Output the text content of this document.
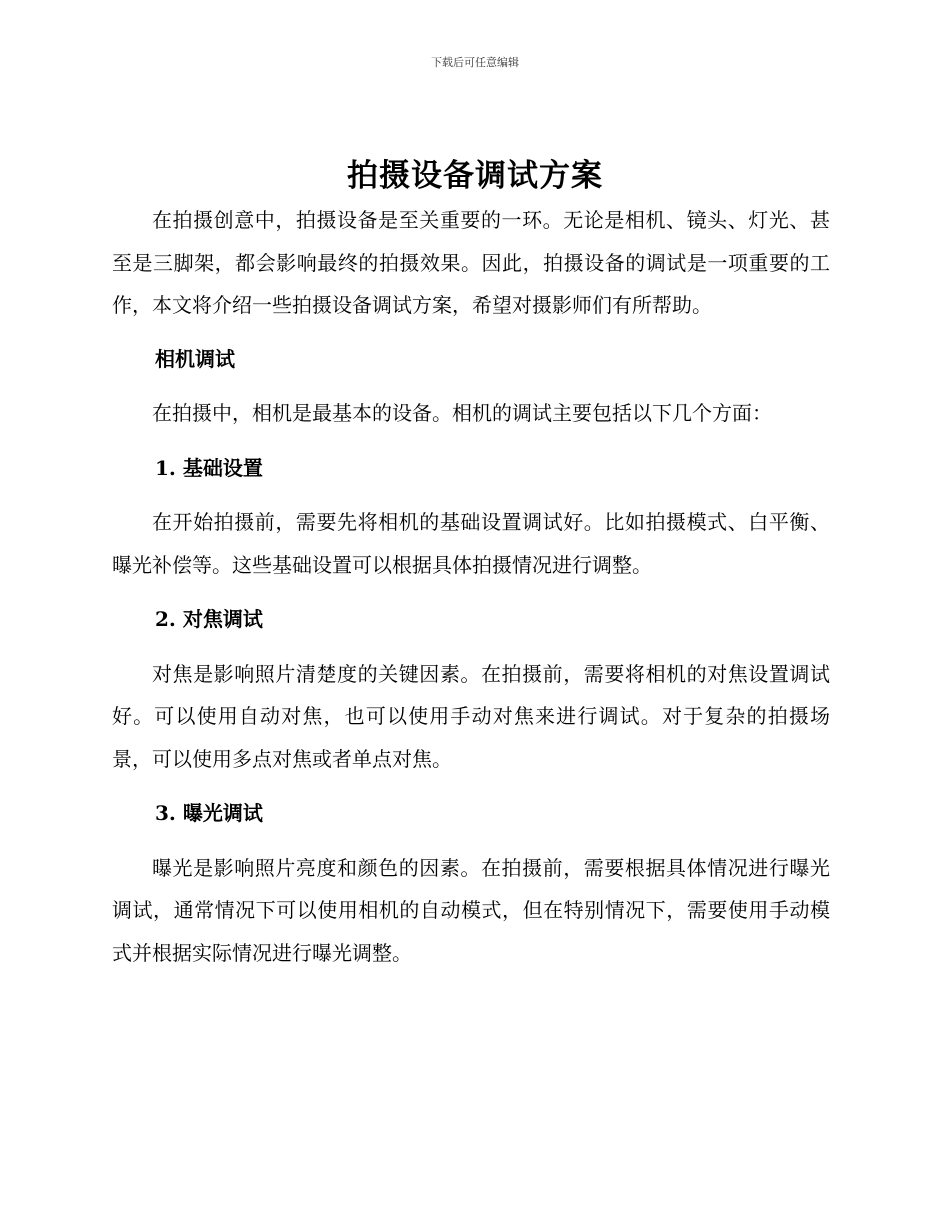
下载后可任意编辑
拍摄设备调试方案

在拍摄创意中，拍摄设备是至关重要的一环。无论是相机、镜头、灯光、甚至是三脚架，都会影响最终的拍摄效果。因此，拍摄设备的调试是一项重要的工作，本文将介绍一些拍摄设备调试方案，希望对摄影师们有所帮助。

相机调试

在拍摄中，相机是最基本的设备。相机的调试主要包括以下几个方面：

1. 基础设置

在开始拍摄前，需要先将相机的基础设置调试好。比如拍摄模式、白平衡、曝光补偿等。这些基础设置可以根据具体拍摄情况进行调整。

2. 对焦调试

对焦是影响照片清楚度的关键因素。在拍摄前，需要将相机的对焦设置调试好。可以使用自动对焦，也可以使用手动对焦来进行调试。对于复杂的拍摄场景，可以使用多点对焦或者单点对焦。

3. 曝光调试

曝光是影响照片亮度和颜色的因素。在拍摄前，需要根据具体情况进行曝光调试，通常情况下可以使用相机的自动模式，但在特别情况下，需要使用手动模式并根据实际情况进行曝光调整。
